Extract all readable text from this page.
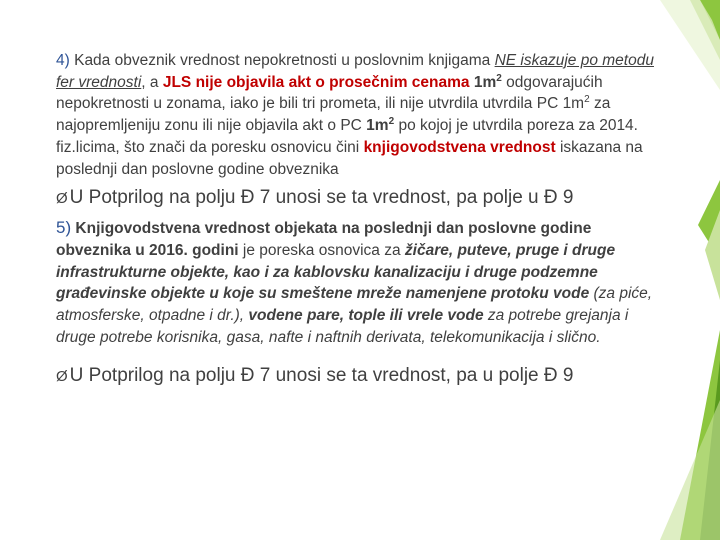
4) Kada obveznik vrednost nepokretnosti u poslovnim knjigama NE iskazuje po metodu fer vrednosti, a JLS nije objavila akt o prosečnim cenama $1m^2$ odgovarajućih nepokretnosti u zonama, iako je bili tri prometa, ili nije utvrdila utvrdila PC $1m^2$ za najopremljeniju zonu ili nije objavila akt o PC $1m^2$ po kojoj je utvrdila poreza za 2014. fiz.licima, što znači da poresku osnovicu čini knjigovodstvena vrednost iskazana na poslednji dan poslovne godine obveznika

Ø U Potprilog na polju Đ 7 unosi se ta vrednost, pa polje u Đ 9

5) Knjigovodstvena vrednost objekata na poslednji dan poslovne godine obveznika u 2016. godini je poreska osnovica za žičare, puteve, pruge i druge infrastrukturne objekte, kao i za kablovsku kanalizaciju i druge podzemne građevinske objekte u koje su smeštene mreže namenjene protoku vode (za piće, atmosferske, otpadne i dr.), vodene pare, tople ili vrele vode za potrebe grejanja i druge potrebe korisnika, gasa, nafte i naftnih derivata, telekomunikacija i slično.

Ø U Potprilog na polju Đ 7 unosi se ta vrednost, pa u polje Đ 9
